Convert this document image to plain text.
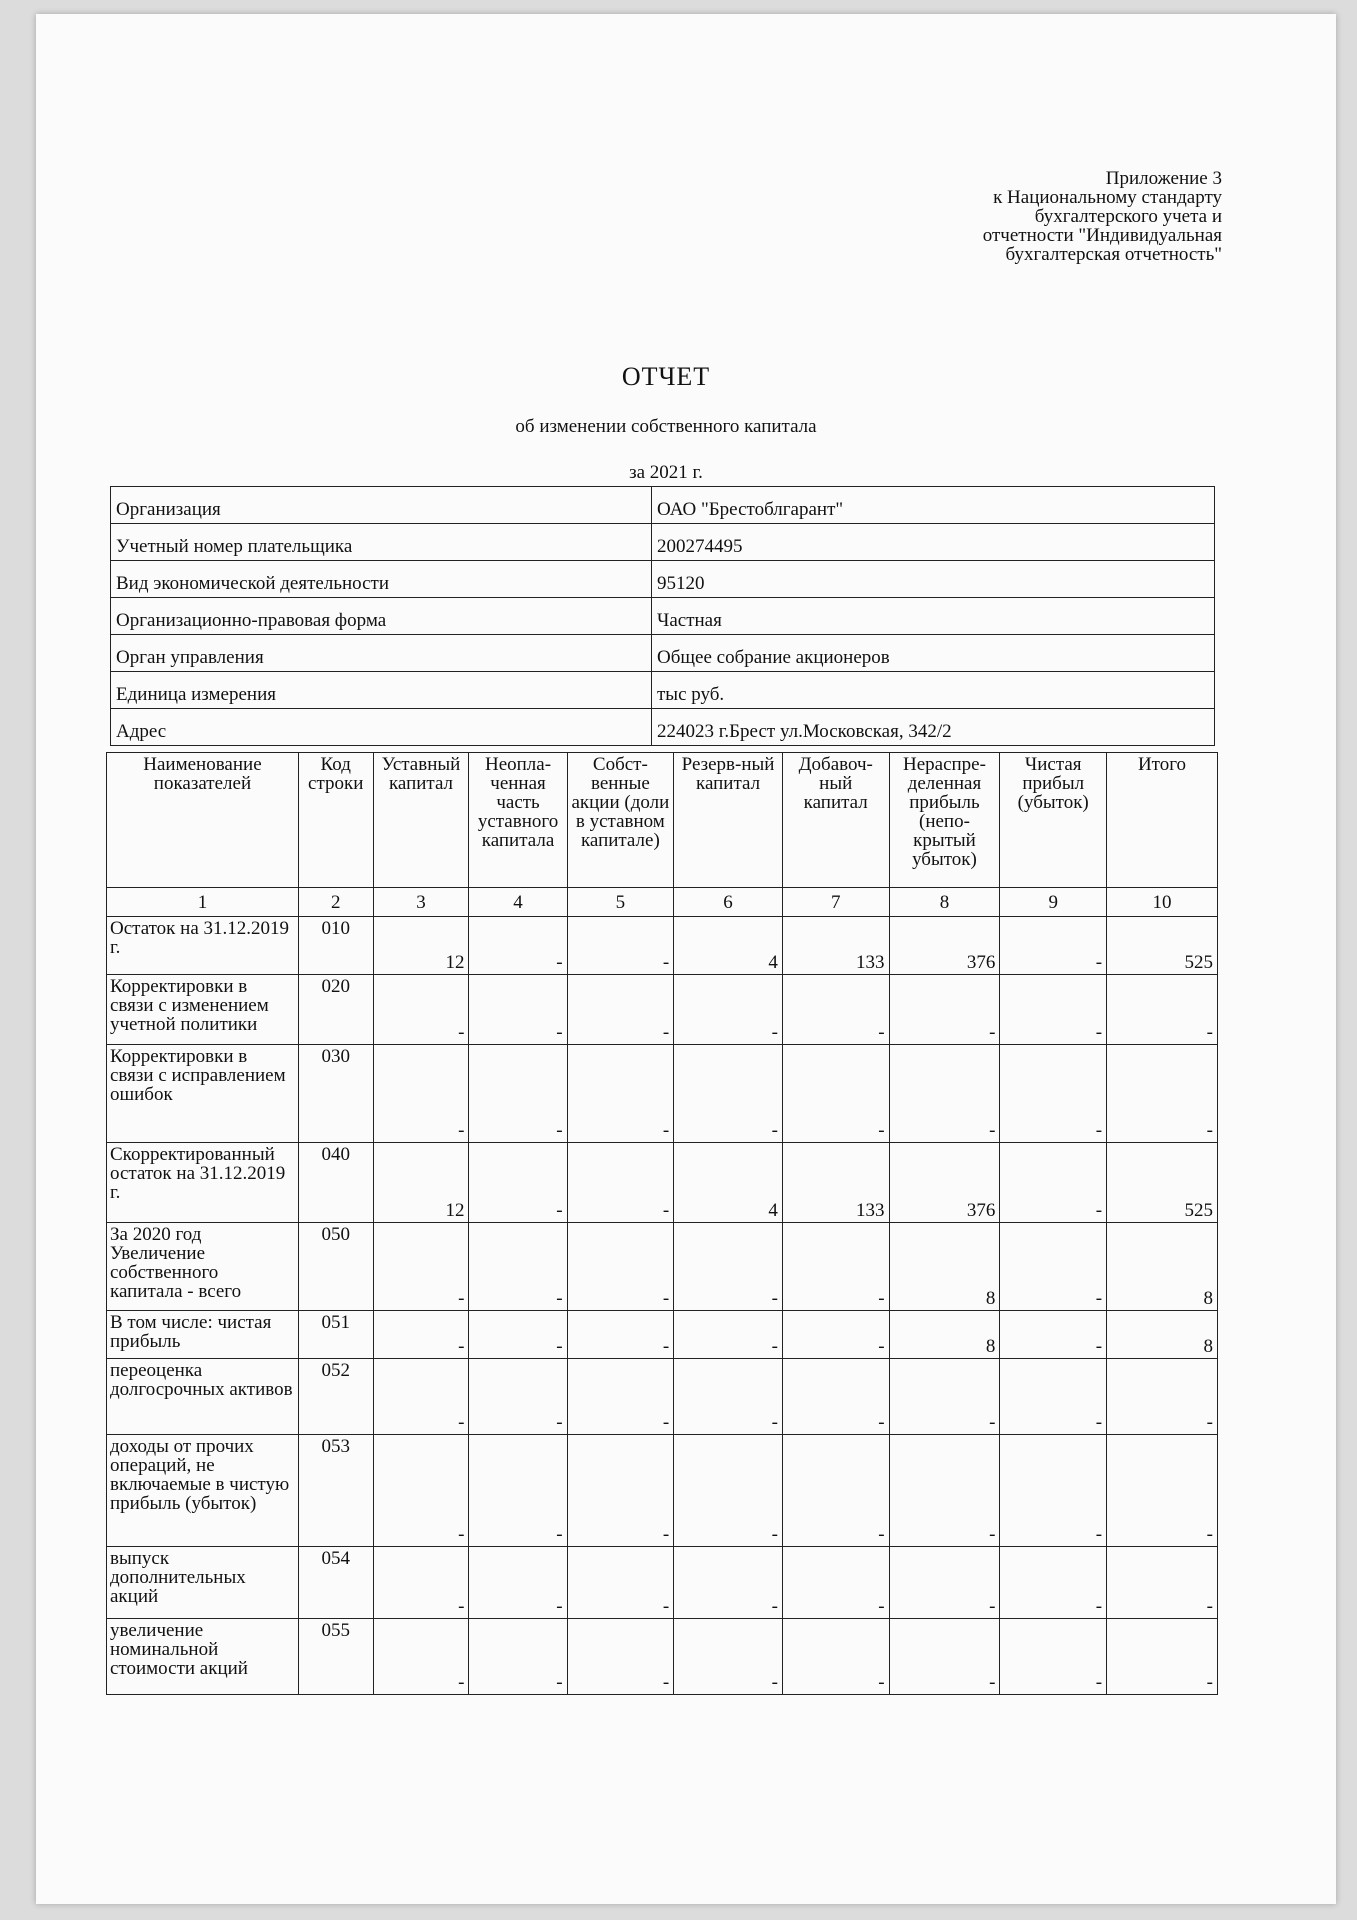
Приложение 3
к Национальному стандарту
бухгалтерского учета и
отчетности "Индивидуальная
бухгалтерская отчетность"
ОТЧЕТ
об изменении собственного капитала
за 2021 г.
Организация	ОАО "Брестоблгарант"
Учетный номер плательщика	200274495
Вид экономической деятельности	95120
Организационно-правовая форма	Частная
Орган управления	Общее собрание акционеров
Единица измерения	тыс руб.
Адрес	224023 г.Брест ул.Московская, 342/2
Наименование показателей	Код строки	Уставный капитал	Неопла-ченная часть уставного капитала	Собст-венные акции (доли в уставном капитале)	Резерв-ный капитал	Добавоч-ный капитал	Нераспре-деленная прибыль (непо-крытый убыток)	Чистая прибыл (убыток)	Итого
1	2	3	4	5	6	7	8	9	10
Остаток на 31.12.2019 г.	010	12	-	-	4	133	376	-	525
Корректировки в связи с изменением учетной политики	020	-	-	-	-	-	-	-	-
Корректировки в связи с исправлением ошибок	030	-	-	-	-	-	-	-	-
Скорректированный остаток на 31.12.2019 г.	040	12	-	-	4	133	376	-	525
За 2020 год Увеличение собственного капитала - всего	050	-	-	-	-	-	8	-	8
В том числе: чистая прибыль	051	-	-	-	-	-	8	-	8
переоценка долгосрочных активов	052	-	-	-	-	-	-	-	-
доходы от прочих операций, не включаемые в чистую прибыль (убыток)	053	-	-	-	-	-	-	-	-
выпуск дополнительных акций	054	-	-	-	-	-	-	-	-
увеличение номинальной стоимости акций	055	-	-	-	-	-	-	-	-
